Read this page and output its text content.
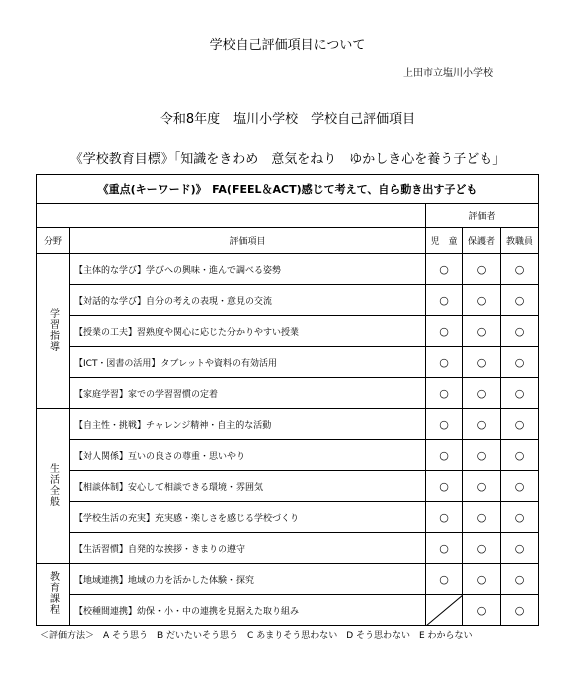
学校自己評価項目について
上田市立塩川小学校
令和8年度　塩川小学校　学校自己評価項目
《学校教育目標》「知識をきわめ　意気をねり　ゆかしき心を養う子ども」
《重点(キーワード)》　FA(FEEL＆ACT)感じて考えて、自ら動き出す子ども				
		評価者		
分野	評価項目	児　童	保護者	教職員
学習指導	【主体的な学び】学びへの興味・進んで調べる姿勢	○	○	○
	【対話的な学び】自分の考えの表現・意見の交流	○	○	○
	【授業の工夫】習熟度や関心に応じた分かりやすい授業	○	○	○
	【ICT・図書の活用】タブレットや資料の有効活用	○	○	○
	【家庭学習】家での学習習慣の定着	○	○	○
生活全般	【自主性・挑戦】チャレンジ精神・自主的な活動	○	○	○
	【対人関係】互いの良さの尊重・思いやり	○	○	○
	【相談体制】安心して相談できる環境・雰囲気	○	○	○
	【学校生活の充実】充実感・楽しさを感じる学校づくり	○	○	○
	【生活習慣】自発的な挨拶・きまりの遵守	○	○	○
教育課程	【地域連携】地域の力を活かした体験・探究	○	○	○
	【校種間連携】幼保・小・中の連携を見据えた取り組み		○	○
＜評価方法＞　A そう思う　B だいたいそう思う　C あまりそう思わない　D そう思わない　E わからない
